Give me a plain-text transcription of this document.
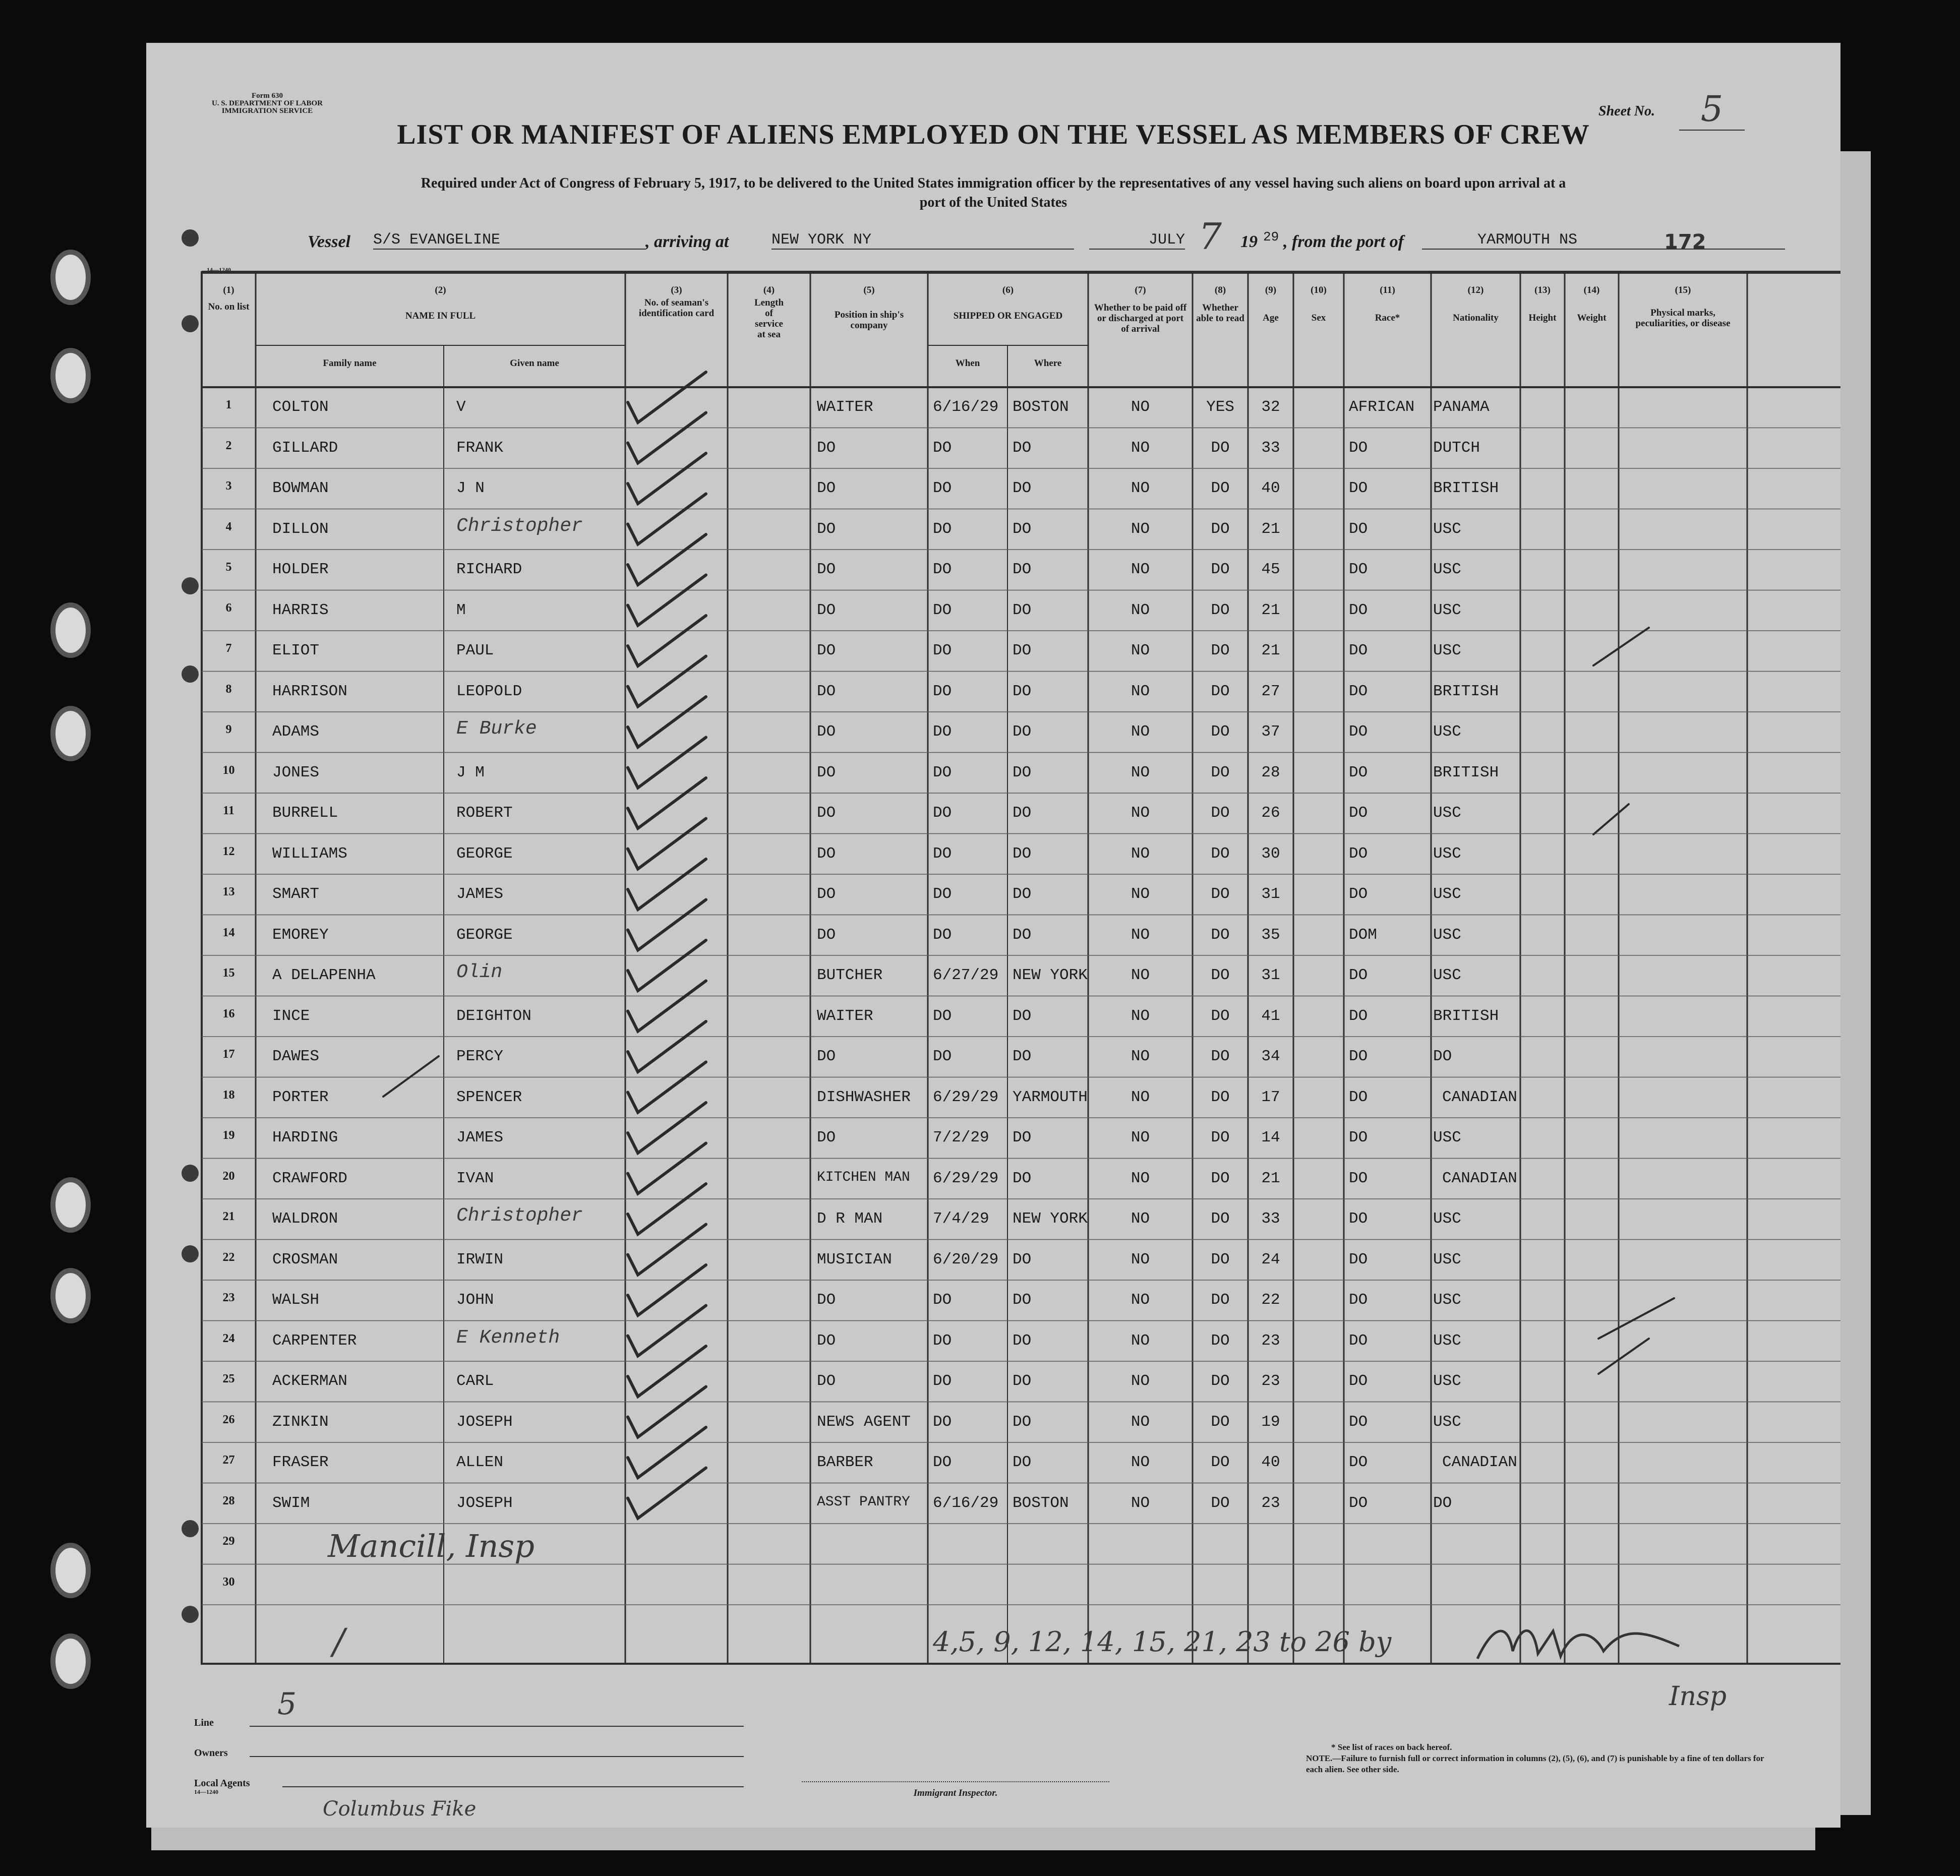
Form 630
U. S. DEPARTMENT OF LABOR
IMMIGRATION SERVICE	Sheet No.	5
LIST OR MANIFEST OF ALIENS EMPLOYED ON THE VESSEL AS MEMBERS OF CREW
Required under Act of Congress of February 5, 1917, to be delivered to the United States immigration officer by the representatives of any vessel having such aliens on board upon arrival at a
port of the United States
Vessel S/S EVANGELINE	, arriving at	NEW YORK NY	JULY 7	19 29 , from the port of	YARMOUTH NS	172
14—1240
(1)
No. on list
(2)
NAME IN FULL
Family name	Given name
(3)
No. of seaman's identification card
(4)
Length of service at sea
(5)
Position in ship's company
(6)
SHIPPED OR ENGAGED
When	Where
(7)
Whether to be paid off or discharged at port of arrival
(8)
Whether able to read
(9)
Age
(10)
Sex
(11)
Race*
(12)
Nationality
(13)
Height
(14)
Weight
(15)
Physical marks, peculiarities, or disease
1	COLTON	V	WAITER	6/16/29 BOSTON	NO	YES	32	AFRICAN	PANAMA
2	GILLARD	FRANK	DO	DO	DO	NO	DO	33	DO	DUTCH
3	BOWMAN	J N	DO	DO	DO	NO	DO	40	DO	BRITISH
4	DILLON	Christopher	DO	DO	DO	NO	DO	21	DO	USC
5	HOLDER	RICHARD	DO	DO	DO	NO	DO	45	DO	USC
6	HARRIS	M	DO	DO	DO	NO	DO	21	DO	USC
7	ELIOT	PAUL	DO	DO	DO	NO	DO	21	DO	USC
8	HARRISON	LEOPOLD	DO	DO	DO	NO	DO	27	DO	BRITISH
9	ADAMS	E Burke	DO	DO	DO	NO	DO	37	DO	USC
10	JONES	J M	DO	DO	DO	NO	DO	28	DO	BRITISH
11	BURRELL	ROBERT	DO	DO	DO	NO	DO	26	DO	USC
12	WILLIAMS	GEORGE	DO	DO	DO	NO	DO	30	DO	USC
13	SMART	JAMES	DO	DO	DO	NO	DO	31	DO	USC
14	EMOREY	GEORGE	DO	DO	DO	NO	DO	35	DOM	USC
15	A DELAPENHA	Olin	BUTCHER	6/27/29 NEW YORK	NO	DO	31	DO	USC
16	INCE	DEIGHTON	WAITER	DO	DO	NO	DO	41	DO	BRITISH
17	DAWES	PERCY	DO	DO	DO	NO	DO	34	DO	DO
18	PORTER	SPENCER	DISHWASHER	6/29/29 YARMOUTH	NO	DO	17	DO	CANADIAN
19	HARDING	JAMES	DO	7/2/29	DO	NO	DO	14	DO	USC
20	CRAWFORD	IVAN	KITCHEN MAN	6/29/29 DO	NO	DO	21	DO	CANADIAN
21	WALDRON	Christopher	D R MAN	7/4/29	NEW YORK	NO	DO	33	DO	USC
22	CROSMAN	IRWIN	MUSICIAN	6/20/29 DO	NO	DO	24	DO	USC
23	WALSH	JOHN	DO	DO	DO	NO	DO	22	DO	USC
24	CARPENTER	E Kenneth	DO	DO	DO	NO	DO	23	DO	USC
25	ACKERMAN	CARL	DO	DO	DO	NO	DO	23	DO	USC
26	ZINKIN	JOSEPH	NEWS AGENT	DO	DO	NO	DO	19	DO	USC
27	FRASER	ALLEN	BARBER	DO	DO	NO	DO	40	DO	CANADIAN
28	SWIM	JOSEPH	ASST PANTRY	6/16/29 BOSTON	NO	DO	23	DO	DO
29
30
Mancill, Insp
4,5, 9, 12, 14, 15, 21, 23 to 26 by
Insp
/
Line
5
Owners
Local Agents
14—1240	Immigrant Inspector.
* See list of races on back hereof.
NOTE.—Failure to furnish full or correct information in columns (2), (5), (6), and (7) is punishable by a fine of ten dollars for each alien. See other side.
Columbus Fike
